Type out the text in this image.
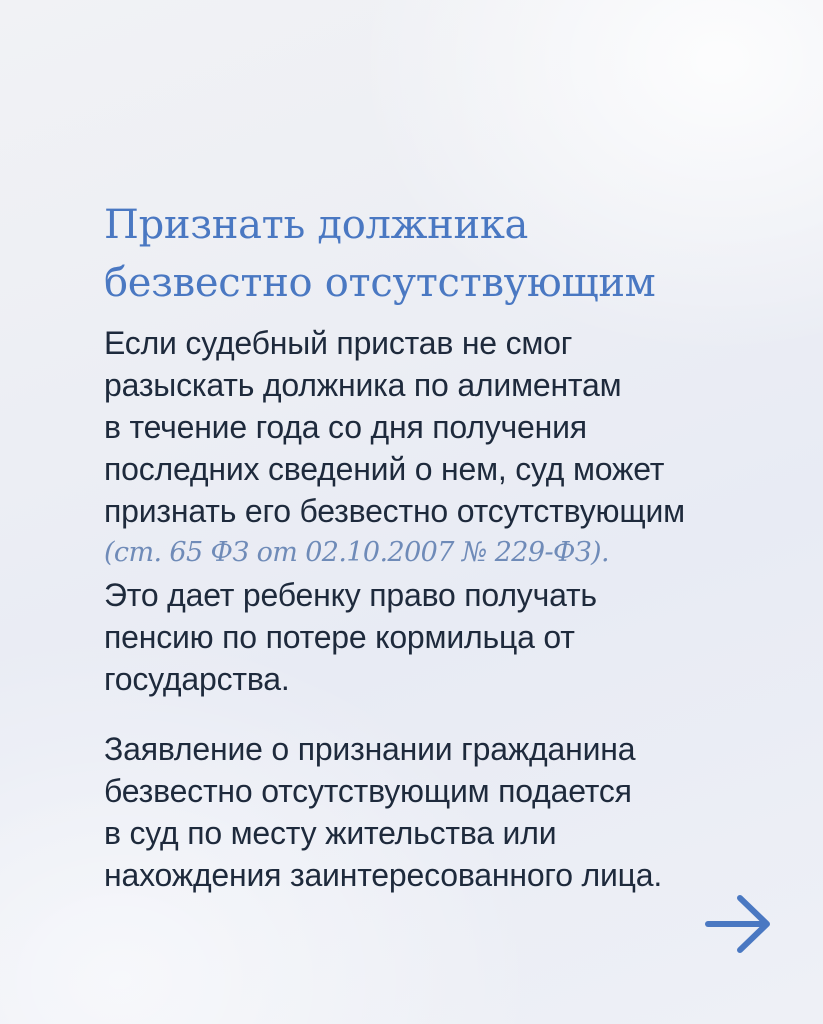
Признать должника
безвестно отсутствующим
Если судебный пристав не смог
разыскать должника по алиментам
в течение года со дня получения
последних сведений о нем, суд может
признать его безвестно отсутствующим
(ст. 65 ФЗ от 02.10.2007 № 229-ФЗ).
Это дает ребенку право получать
пенсию по потере кормильца от
государства.
Заявление о признании гражданина
безвестно отсутствующим подается
в суд по месту жительства или
нахождения заинтересованного лица.
